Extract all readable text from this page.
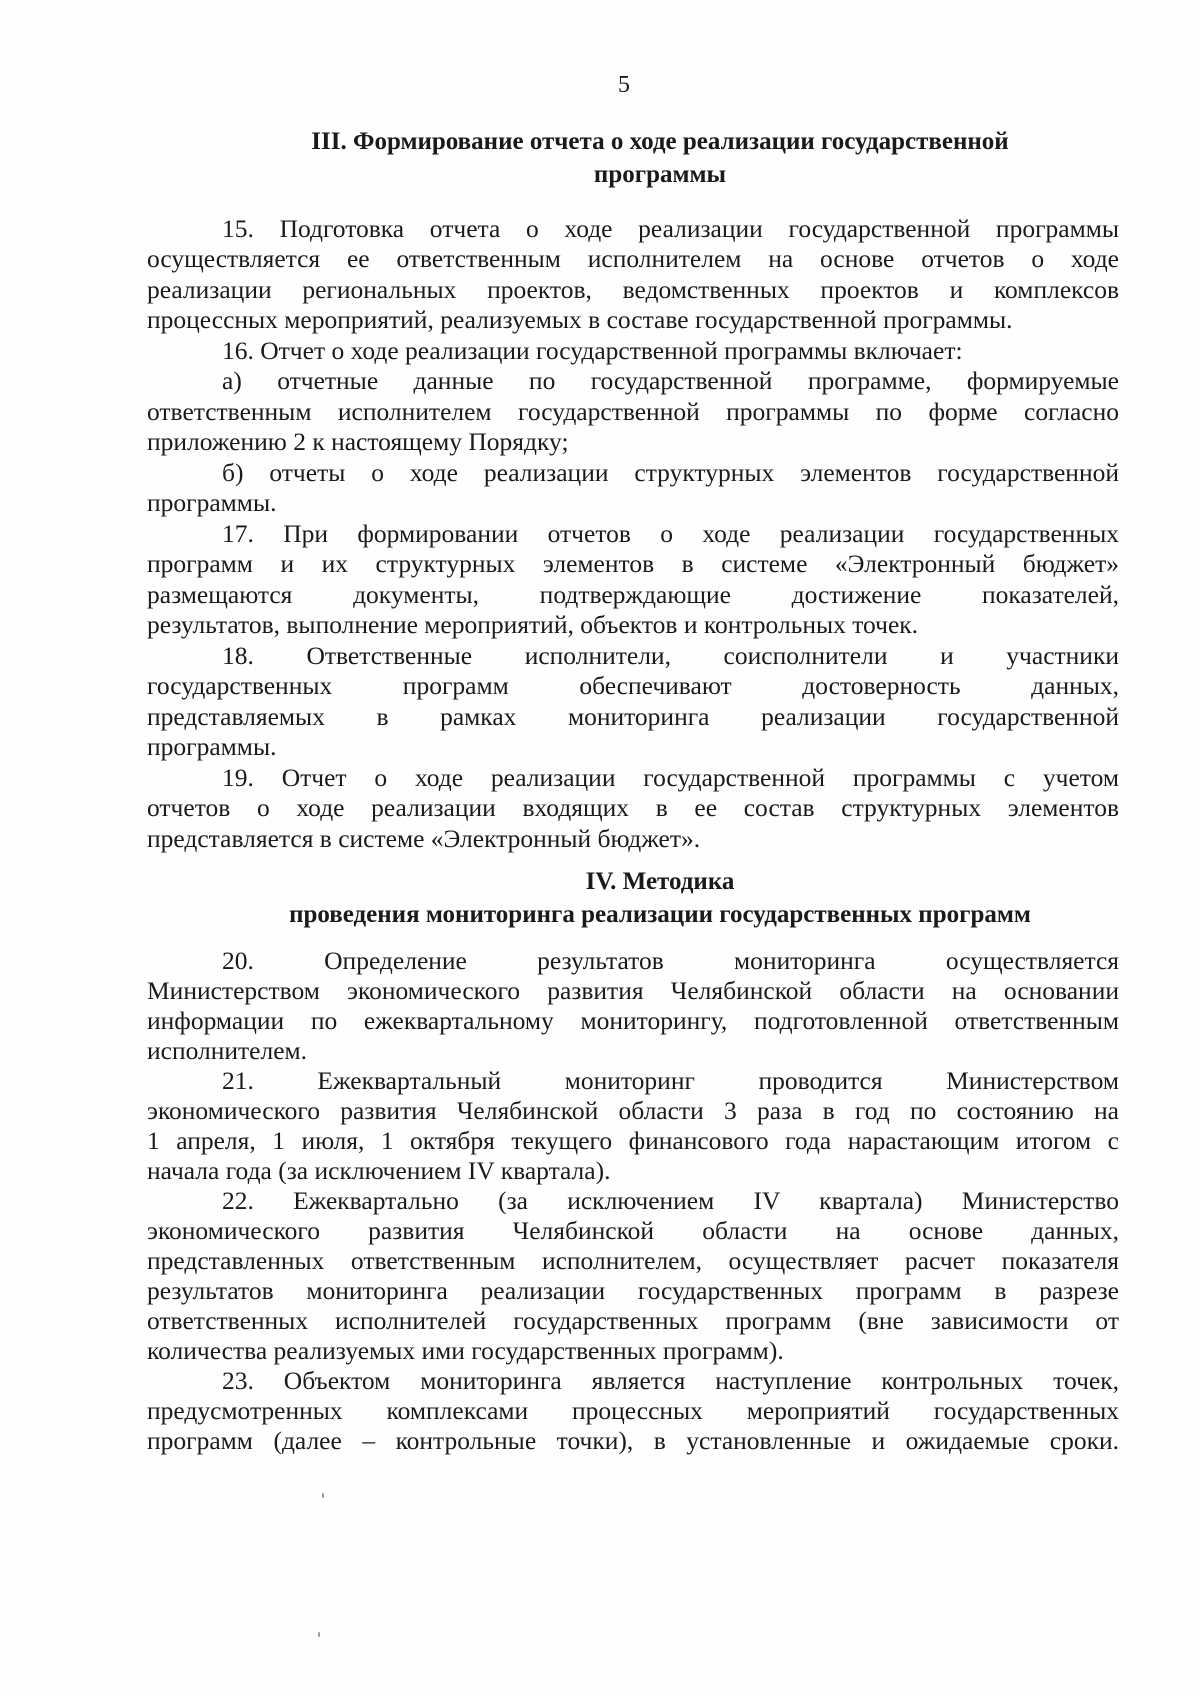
5
III. Формирование отчета о ходе реализации государственной
программы
15. Подготовка отчета о ходе реализации государственной программы
осуществляется ее ответственным исполнителем на основе отчетов о ходе
реализации региональных проектов, ведомственных проектов и комплексов
процессных мероприятий, реализуемых в составе государственной программы.
16. Отчет о ходе реализации государственной программы включает:
а) отчетные данные по государственной программе, формируемые
ответственным исполнителем государственной программы по форме согласно
приложению 2 к настоящему Порядку;
б) отчеты о ходе реализации структурных элементов государственной
программы.
17. При формировании отчетов о ходе реализации государственных
программ и их структурных элементов в системе «Электронный бюджет»
размещаются документы, подтверждающие достижение показателей,
результатов, выполнение мероприятий, объектов и контрольных точек.
18. Ответственные исполнители, соисполнители и участники
государственных программ обеспечивают достоверность данных,
представляемых в рамках мониторинга реализации государственной
программы.
19. Отчет о ходе реализации государственной программы с учетом
отчетов о ходе реализации входящих в ее состав структурных элементов
представляется в системе «Электронный бюджет».
IV. Методика
проведения мониторинга реализации государственных программ
20. Определение результатов мониторинга осуществляется
Министерством экономического развития Челябинской области на основании
информации по ежеквартальному мониторингу, подготовленной ответственным
исполнителем.
21. Ежеквартальный мониторинг проводится Министерством
экономического развития Челябинской области 3 раза в год по состоянию на
1 апреля, 1 июля, 1 октября текущего финансового года нарастающим итогом с
начала года (за исключением IV квартала).
22. Ежеквартально (за исключением IV квартала) Министерство
экономического развития Челябинской области на основе данных,
представленных ответственным исполнителем, осуществляет расчет показателя
результатов мониторинга реализации государственных программ в разрезе
ответственных исполнителей государственных программ (вне зависимости от
количества реализуемых ими государственных программ).
23. Объектом мониторинга является наступление контрольных точек,
предусмотренных комплексами процессных мероприятий государственных
программ (далее – контрольные точки), в установленные и ожидаемые сроки.
